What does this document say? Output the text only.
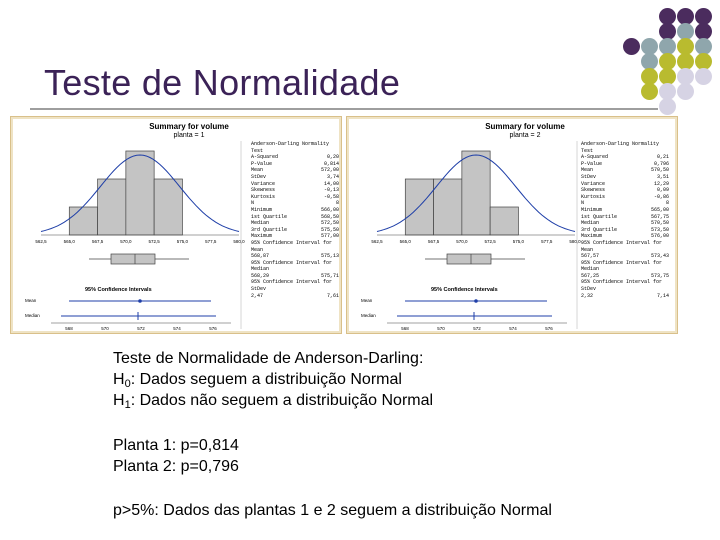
Teste de Normalidade
562,5	565,0	567,5	570,0	572,5	575,0	577,5	580,0
568	570	572	574	576
Summary for volume
planta = 1
Anderson-Darling Normality Test
A-Squared	0,20
P-Value	0,814
Mean	572,00
StDev	3,74
Variance	14,00
Skewness	-0,13
Kurtosis	-0,58
N	8
Minimum	566,00
1st Quartile	568,50
Median	572,50
3rd Quartile	575,50
Maximum	577,00
95% Confidence Interval for Mean
568,87	575,13
95% Confidence Interval for Median
568,29	575,71
95% Confidence Interval for StDev
2,47	7,61
95% Confidence Intervals
Mean
Median
562,5	565,0	567,5	570,0	572,5	575,0	577,5	580,0
568	570	572	574	576
Summary for volume
planta = 2
Anderson-Darling Normality Test
A-Squared	0,21
P-Value	0,796
Mean	570,50
StDev	3,51
Variance	12,29
Skewness	0,09
Kurtosis	-0,86
N	8
Minimum	565,00
1st Quartile	567,75
Median	570,50
3rd Quartile	573,50
Maximum	576,00
95% Confidence Interval for Mean
567,57	573,43
95% Confidence Interval for Median
567,25	573,75
95% Confidence Interval for StDev
2,32	7,14
95% Confidence Intervals
Mean
Median
Teste de Normalidade de Anderson-Darling:
$H_0$: Dados seguem a distribuição Normal
$H_1$: Dados não seguem a distribuição Normal
Planta 1: p=0,814
Planta 2: p=0,796
p>5%: Dados das plantas 1 e 2 seguem a distribuição Normal
